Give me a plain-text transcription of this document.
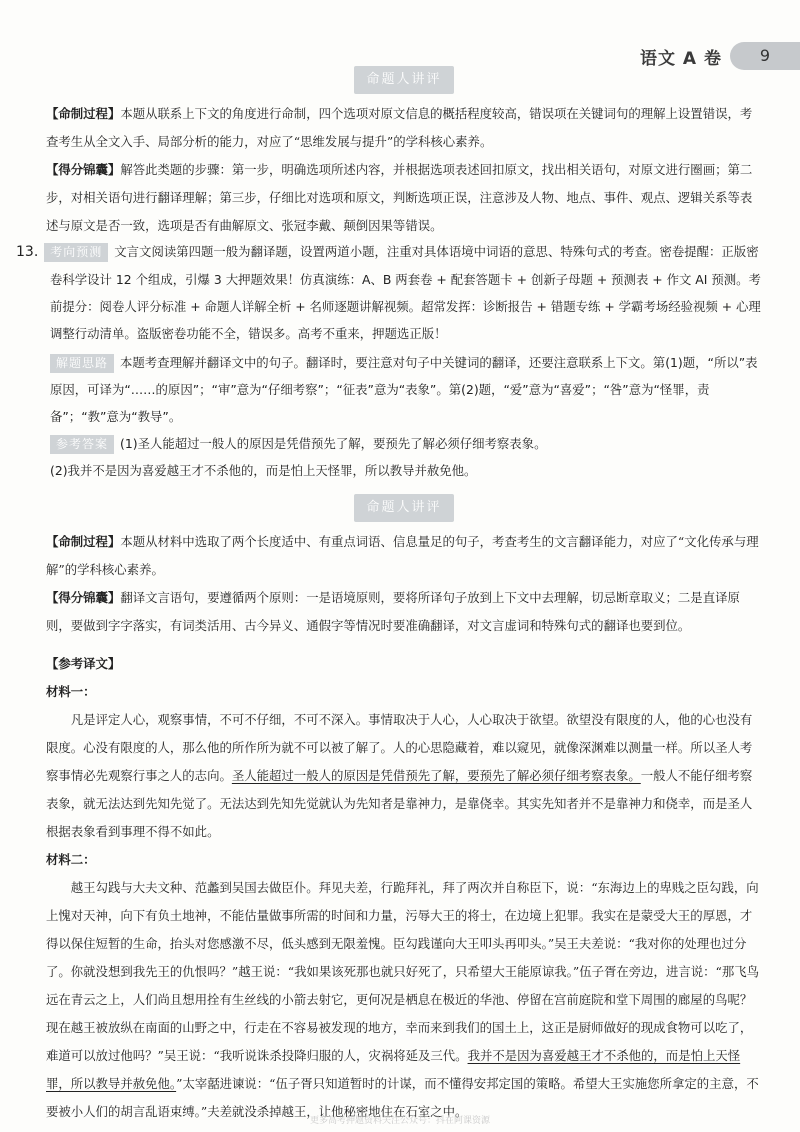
语文 A 卷	9
命题人讲评

【命制过程】本题从联系上下文的角度进行命制，四个选项对原文信息的概括程度较高，错误项在关键词句的理解上设置错误，考查考生从全文入手、局部分析的能力，对应了“思维发展与提升”的学科核心素养。

【得分锦囊】解答此类题的步骤：第一步，明确选项所述内容，并根据选项表述回扣原文，找出相关语句，对原文进行圈画；第二步，对相关语句进行翻译理解；第三步，仔细比对选项和原文，判断选项正误，注意涉及人物、地点、事件、观点、逻辑关系等表述与原文是否一致，选项是否有曲解原文、张冠李戴、颠倒因果等错误。

13. 考向预测 文言文阅读第四题一般为翻译题，设置两道小题，注重对具体语境中词语的意思、特殊句式的考查。密卷提醒：正版密卷科学设计 12 个组成，引爆 3 大押题效果！仿真演练：A、B 两套卷 + 配套答题卡 + 创新子母题 + 预测表 + 作文 AI 预测。考前提分：阅卷人评分标准 + 命题人详解全析 + 名师逐题讲解视频。超常发挥：诊断报告 + 错题专练 + 学霸考场经验视频 + 心理调整行动清单。盗版密卷功能不全，错误多。高考不重来，押题选正版！

解题思路 本题考查理解并翻译文中的句子。翻译时，要注意对句子中关键词的翻译，还要注意联系上下文。第(1)题，“所以”表原因，可译为“……的原因”；“审”意为“仔细考察”；“征表”意为“表象”。第(2)题，“爱”意为“喜爱”；“咎”意为“怪罪，责备”；“教”意为“教导”。

参考答案 (1)圣人能超过一般人的原因是凭借预先了解，要预先了解必须仔细考察表象。

(2)我并不是因为喜爱越王才不杀他的，而是怕上天怪罪，所以教导并赦免他。

命题人讲评

【命制过程】本题从材料中选取了两个长度适中、有重点词语、信息量足的句子，考查考生的文言翻译能力，对应了“文化传承与理解”的学科核心素养。

【得分锦囊】翻译文言语句，要遵循两个原则：一是语境原则，要将所译句子放到上下文中去理解，切忌断章取义；二是直译原则，要做到字字落实，有词类活用、古今异义、通假字等情况时要准确翻译，对文言虚词和特殊句式的翻译也要到位。

【参考译文】

材料一：

凡是评定人心，观察事情，不可不仔细，不可不深入。事情取决于人心，人心取决于欲望。欲望没有限度的人，他的心也没有限度。心没有限度的人，那么他的所作所为就不可以被了解了。人的心思隐藏着，难以窥见，就像深渊难以测量一样。所以圣人考察事情必先观察行事之人的志向。圣人能超过一般人的原因是凭借预先了解，要预先了解必须仔细考察表象。一般人不能仔细考察表象，就无法达到先知先觉了。无法达到先知先觉就认为先知者是靠神力，是靠侥幸。其实先知者并不是靠神力和侥幸，而是圣人根据表象看到事理不得不如此。

材料二：

越王勾践与大夫文种、范蠡到吴国去做臣仆。拜见夫差，行跪拜礼，拜了两次并自称臣下，说：“东海边上的卑贱之臣勾践，向上愧对天神，向下有负土地神，不能估量做事所需的时间和力量，污辱大王的将士，在边境上犯罪。我实在是蒙受大王的厚恩，才得以保住短暂的生命，抬头对您感激不尽，低头感到无限羞愧。臣勾践谨向大王叩头再叩头。”吴王夫差说：“我对你的处理也过分了。你就没想到我先王的仇恨吗？”越王说：“我如果该死那也就只好死了，只希望大王能原谅我。”伍子胥在旁边，进言说：“那飞鸟远在青云之上，人们尚且想用拴有生丝线的小箭去射它，更何况是栖息在极近的华池、停留在宫前庭院和堂下周围的廊屋的鸟呢？现在越王被放纵在南面的山野之中，行走在不容易被发现的地方，幸而来到我们的国土上，这正是厨师做好的现成食物可以吃了，难道可以放过他吗？”吴王说：“我听说诛杀投降归服的人，灾祸将延及三代。我并不是因为喜爱越王才不杀他的，而是怕上天怪罪，所以教导并赦免他。”太宰嚭进谏说：“伍子胥只知道暂时的计谋，而不懂得安邦定国的策略。希望大王实施您所拿定的主意，不要被小人们的胡言乱语束缚。”夫差就没杀掉越王，让他秘密地住在石室之中。

更多高考押题资料关注公众号：抖在阿课资源
